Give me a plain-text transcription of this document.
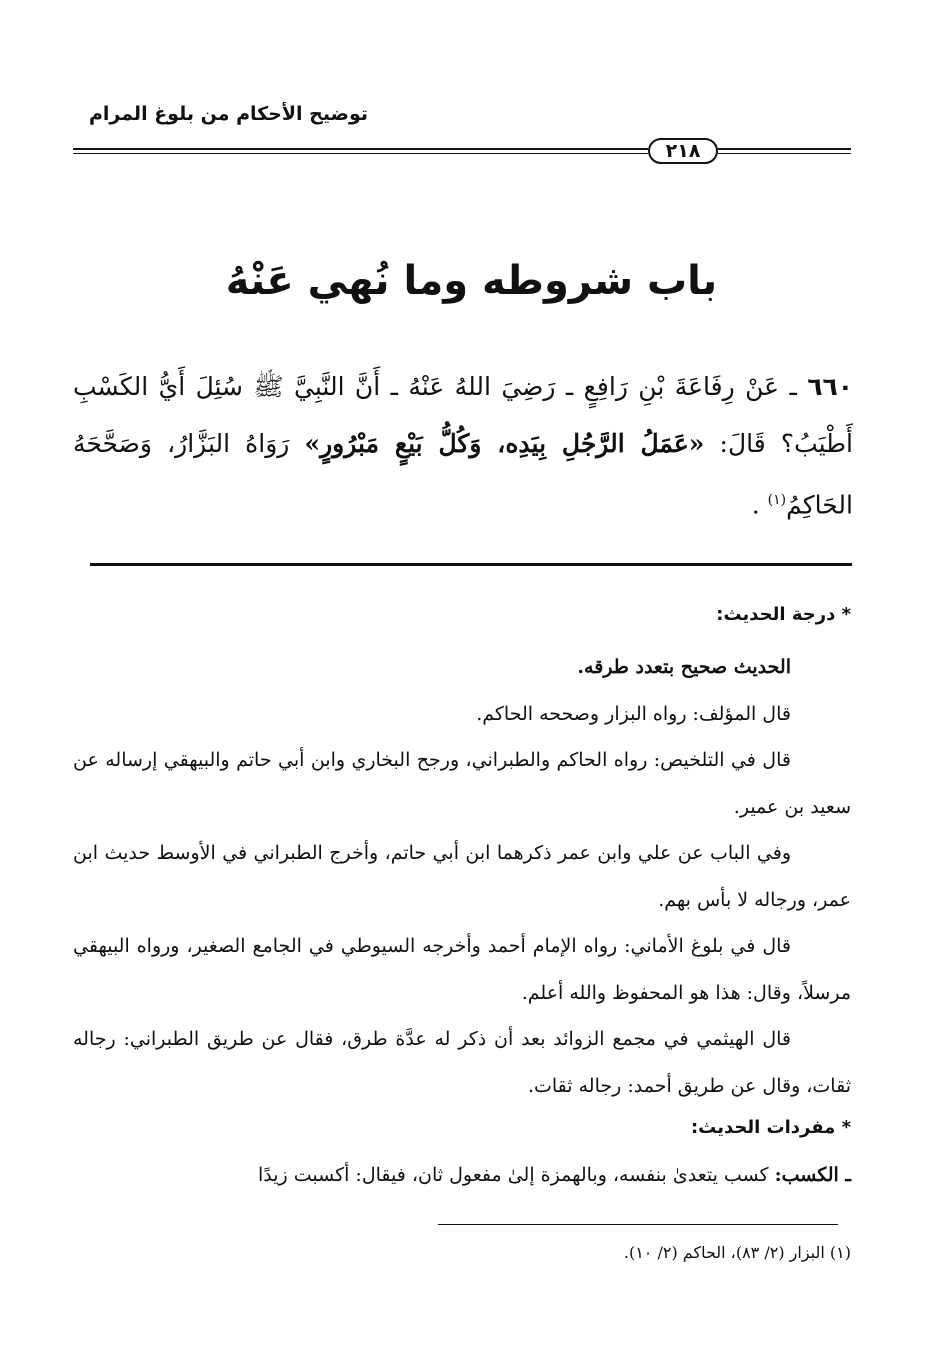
توضيح الأحكام من بلوغ المرام
٢١٨
باب شروطه وما نُهي عَنْهُ
٦٦٠ ـ عَنْ رِفَاعَةَ بْنِ رَافِعٍ ـ رَضِيَ اللهُ عَنْهُ ـ أَنَّ النَّبِيَّ ﷺ سُئِلَ أَيُّ الكَسْبِ أَطْيَبُ؟ قَالَ: «عَمَلُ الرَّجُلِ بِيَدِه، وَكُلُّ بَيْعٍ مَبْرُورٍ» رَوَاهُ البَزَّارُ، وَصَحَّحَهُ الحَاكِمُ$^{(١)}$ .
* درجة الحديث:

الحديث صحيح بتعدد طرقه.

قال المؤلف: رواه البزار وصححه الحاكم.

قال في التلخيص: رواه الحاكم والطبراني، ورجح البخاري وابن أبي حاتم والبيهقي إرساله عن سعيد بن عمير.

وفي الباب عن علي وابن عمر ذكرهما ابن أبي حاتم، وأخرج الطبراني في الأوسط حديث ابن عمر، ورجاله لا بأس بهم.

قال في بلوغ الأماني: رواه الإمام أحمد وأخرجه السيوطي في الجامع الصغير، ورواه البيهقي مرسلاً، وقال: هذا هو المحفوظ والله أعلم.

قال الهيثمي في مجمع الزوائد بعد أن ذكر له عدَّة طرق، فقال عن طريق الطبراني: رجاله ثقات، وقال عن طريق أحمد: رجاله ثقات.

* مفردات الحديث:
ـ الكسب: كسب يتعدىٰ بنفسه، وبالهمزة إلىٰ مفعول ثان، فيقال: أكسبت زيدًا
(١) البزار (٢/ ٨٣)، الحاكم (٢/ ١٠).
